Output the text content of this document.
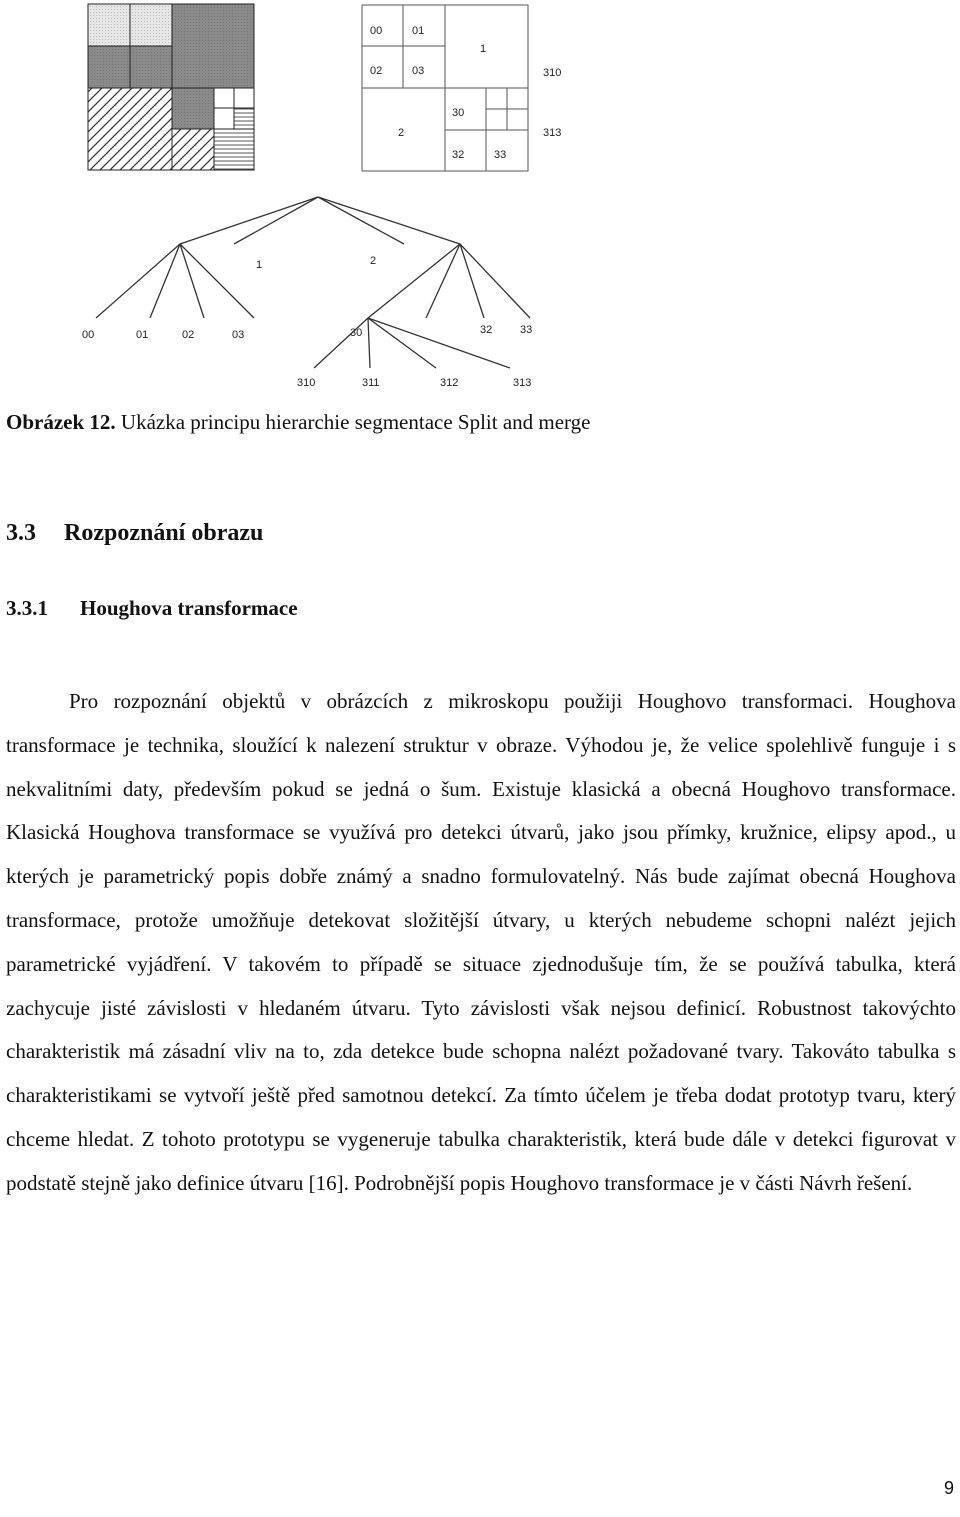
00	01
02	03
1
2
30
32	33
310
313
1	2
00	01	02	03	30	32	33
310	311	312	313
Obrázek 12. Ukázka principu hierarchie segmentace Split and merge
3.3 Rozpoznání obrazu
3.3.1 Houghova transformace

Pro rozpoznání objektů v obrázcích z mikroskopu použiji Houghovo transformaci. Houghova transformace je technika, sloužící k nalezení struktur v obraze. Výhodou je, že velice spolehlivě funguje i s nekvalitními daty, především pokud se jedná o šum. Existuje klasická a obecná Houghovo transformace. Klasická Houghova transformace se využívá pro detekci útvarů, jako jsou přímky, kružnice, elipsy apod., u kterých je parametrický popis dobře známý a snadno formulovatelný. Nás bude zajímat obecná Houghova transformace, protože umožňuje detekovat složitější útvary, u kterých nebudeme schopni nalézt jejich parametrické vyjádření. V takovém to případě se situace zjednodušuje tím, že se používá tabulka, která zachycuje jisté závislosti v hledaném útvaru. Tyto závislosti však nejsou definicí. Robustnost takovýchto charakteristik má zásadní vliv na to, zda detekce bude schopna nalézt požadované tvary. Takováto tabulka s charakteristikami se vytvoří ještě před samotnou detekcí. Za tímto účelem je třeba dodat prototyp tvaru, který chceme hledat. Z tohoto prototypu se vygeneruje tabulka charakteristik, která bude dále v detekci figurovat v podstatě stejně jako definice útvaru [16]. Podrobnější popis Houghovo transformace je v části Návrh řešení.

9
